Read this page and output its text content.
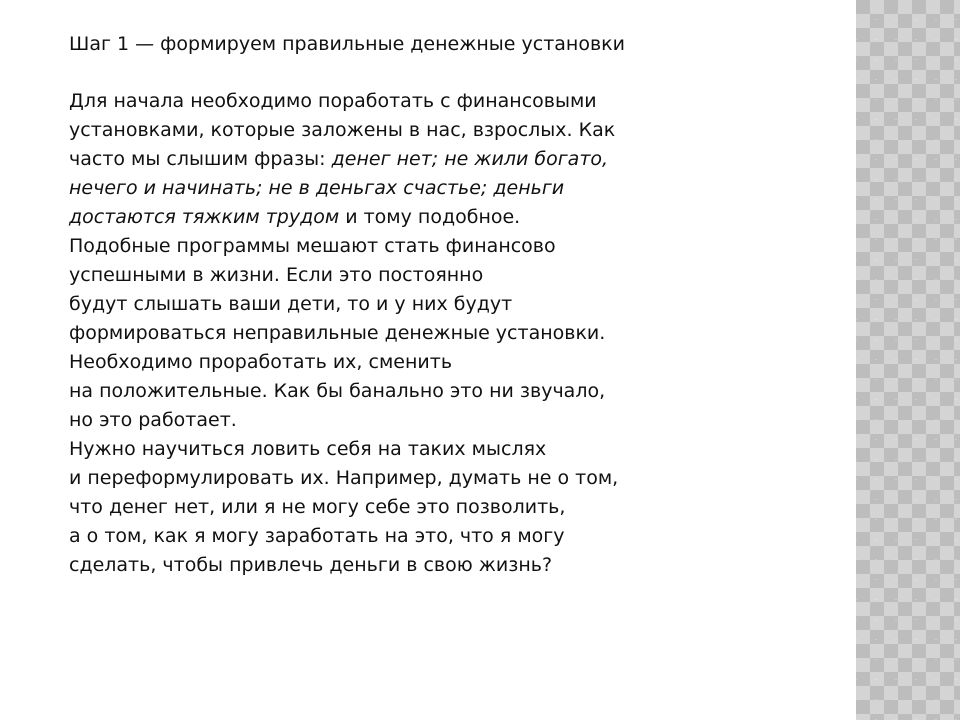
Шаг 1 — формируем правильные денежные установки
Для начала необходимо поработать с финансовыми
установками, которые заложены в нас, взрослых. Как
часто мы слышим фразы: денег нет; не жили богато,
нечего и начинать; не в деньгах счастье; деньги
достаются тяжким трудом и тому подобное.
Подобные программы мешают стать финансово
успешными в жизни. Если это постоянно
будут слышать ваши дети, то и у них будут
формироваться неправильные денежные установки.
Необходимо проработать их, сменить
на положительные. Как бы банально это ни звучало,
но это работает.
Нужно научиться ловить себя на таких мыслях
и переформулировать их. Например, думать не о том,
что денег нет, или я не могу себе это позволить,
а о том, как я могу заработать на это, что я могу
сделать, чтобы привлечь деньги в свою жизнь?
